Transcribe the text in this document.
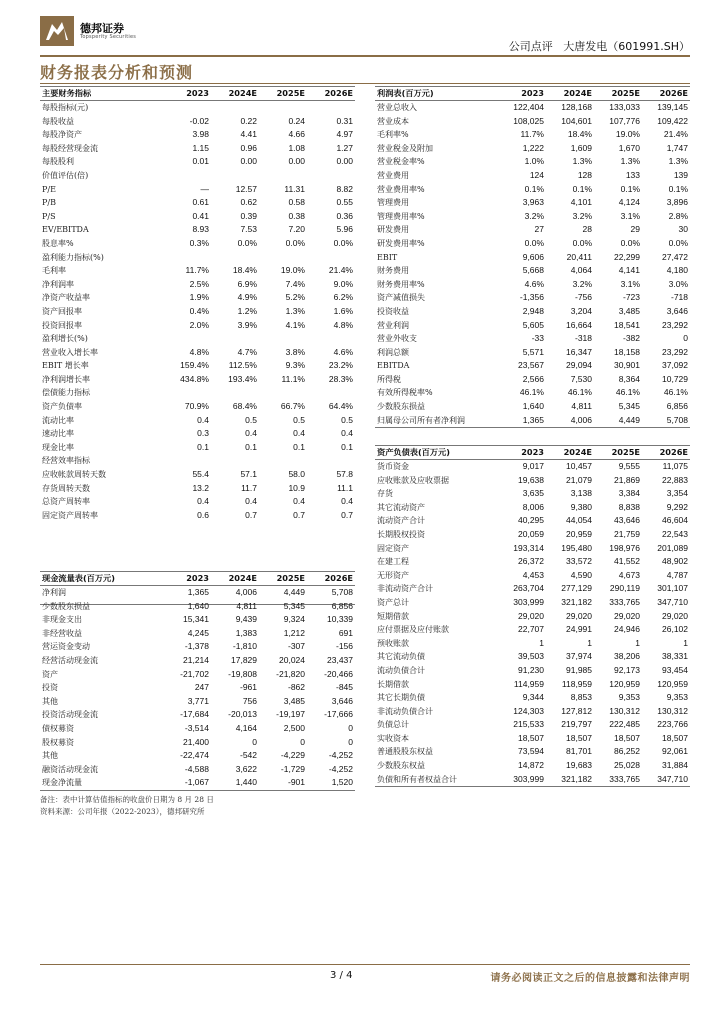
德邦证券
Topsperity Securities
公司点评 大唐发电（601991.SH）
财务报表分析和预测
主要财务指标	2023	2024E	2025E	2026E
每股指标(元)				
每股收益	-0.02	0.22	0.24	0.31
每股净资产	3.98	4.41	4.66	4.97
每股经营现金流	1.15	0.96	1.08	1.27
每股股利	0.01	0.00	0.00	0.00
价值评估(倍)				
P/E	—	12.57	11.31	8.82
P/B	0.61	0.62	0.58	0.55
P/S	0.41	0.39	0.38	0.36
EV/EBITDA	8.93	7.53	7.20	5.96
股息率%	0.3%	0.0%	0.0%	0.0%
盈利能力指标(%)				
毛利率	11.7%	18.4%	19.0%	21.4%
净利润率	2.5%	6.9%	7.4%	9.0%
净资产收益率	1.9%	4.9%	5.2%	6.2%
资产回报率	0.4%	1.2%	1.3%	1.6%
投资回报率	2.0%	3.9%	4.1%	4.8%
盈利增长(%)				
营业收入增长率	4.8%	4.7%	3.8%	4.6%
EBIT 增长率	159.4%	112.5%	9.3%	23.2%
净利润增长率	434.8%	193.4%	11.1%	28.3%
偿债能力指标				
资产负债率	70.9%	68.4%	66.7%	64.4%
流动比率	0.4	0.5	0.5	0.5
速动比率	0.3	0.4	0.4	0.4
现金比率	0.1	0.1	0.1	0.1
经营效率指标				
应收帐款周转天数	55.4	57.1	58.0	57.8
存货周转天数	13.2	11.7	10.9	11.1
总资产周转率	0.4	0.4	0.4	0.4
固定资产周转率	0.6	0.7	0.7	0.7

利润表(百万元)	2023	2024E	2025E	2026E
营业总收入	122,404	128,168	133,033	139,145
营业成本	108,025	104,601	107,776	109,422
毛利率%	11.7%	18.4%	19.0%	21.4%
营业税金及附加	1,222	1,609	1,670	1,747
营业税金率%	1.0%	1.3%	1.3%	1.3%
营业费用	124	128	133	139
营业费用率%	0.1%	0.1%	0.1%	0.1%
管理费用	3,963	4,101	4,124	3,896
管理费用率%	3.2%	3.2%	3.1%	2.8%
研发费用	27	28	29	30
研发费用率%	0.0%	0.0%	0.0%	0.0%
EBIT	9,606	20,411	22,299	27,472
财务费用	5,668	4,064	4,141	4,180
财务费用率%	4.6%	3.2%	3.1%	3.0%
资产减值损失	-1,356	-756	-723	-718
投资收益	2,948	3,204	3,485	3,646
营业利润	5,605	16,664	18,541	23,292
营业外收支	-33	-318	-382	0
利润总额	5,571	16,347	18,158	23,292
EBITDA	23,567	29,094	30,901	37,092
所得税	2,566	7,530	8,364	10,729
有效所得税率%	46.1%	46.1%	46.1%	46.1%
少数股东损益	1,640	4,811	5,345	6,856
归属母公司所有者净利润	1,365	4,006	4,449	5,708
现金流量表(百万元)	2023	2024E	2025E	2026E
净利润	1,365	4,006	4,449	5,708
少数股东损益	1,640	4,811	5,345	6,856
非现金支出	15,341	9,439	9,324	10,339
非经营收益	4,245	1,383	1,212	691
营运资金变动	-1,378	-1,810	-307	-156
经营活动现金流	21,214	17,829	20,024	23,437
资产	-21,702	-19,808	-21,820	-20,466
投资	247	-961	-862	-845
其他	3,771	756	3,485	3,646
投资活动现金流	-17,684	-20,013	-19,197	-17,666
债权募资	-3,514	4,164	2,500	0
股权募资	21,400	0	0	0
其他	-22,474	-542	-4,229	-4,252
融资活动现金流	-4,588	3,622	-1,729	-4,252
现金净流量	-1,067	1,440	-901	1,520
资产负债表(百万元)	2023	2024E	2025E	2026E
货币资金	9,017	10,457	9,555	11,075
应收账款及应收票据	19,638	21,079	21,869	22,883
存货	3,635	3,138	3,384	3,354
其它流动资产	8,006	9,380	8,838	9,292
流动资产合计	40,295	44,054	43,646	46,604
长期股权投资	20,059	20,959	21,759	22,543
固定资产	193,314	195,480	198,976	201,089
在建工程	26,372	33,572	41,552	48,902
无形资产	4,453	4,590	4,673	4,787
非流动资产合计	263,704	277,129	290,119	301,107
资产总计	303,999	321,182	333,765	347,710
短期借款	29,020	29,020	29,020	29,020
应付票据及应付账款	22,707	24,991	24,946	26,102
预收账款	1	1	1	1
其它流动负债	39,503	37,974	38,206	38,331
流动负债合计	91,230	91,985	92,173	93,454
长期借款	114,959	118,959	120,959	120,959
其它长期负债	9,344	8,853	9,353	9,353
非流动负债合计	124,303	127,812	130,312	130,312
负债总计	215,533	219,797	222,485	223,766
实收资本	18,507	18,507	18,507	18,507
普通股股东权益	73,594	81,701	86,252	92,061
少数股东权益	14,872	19,683	25,028	31,884
负债和所有者权益合计	303,999	321,182	333,765	347,710
备注：表中计算估值指标的收盘价日期为 8 月 28 日
资料来源：公司年报（2022-2023），德邦研究所
3 / 4	请务必阅读正文之后的信息披露和法律声明
